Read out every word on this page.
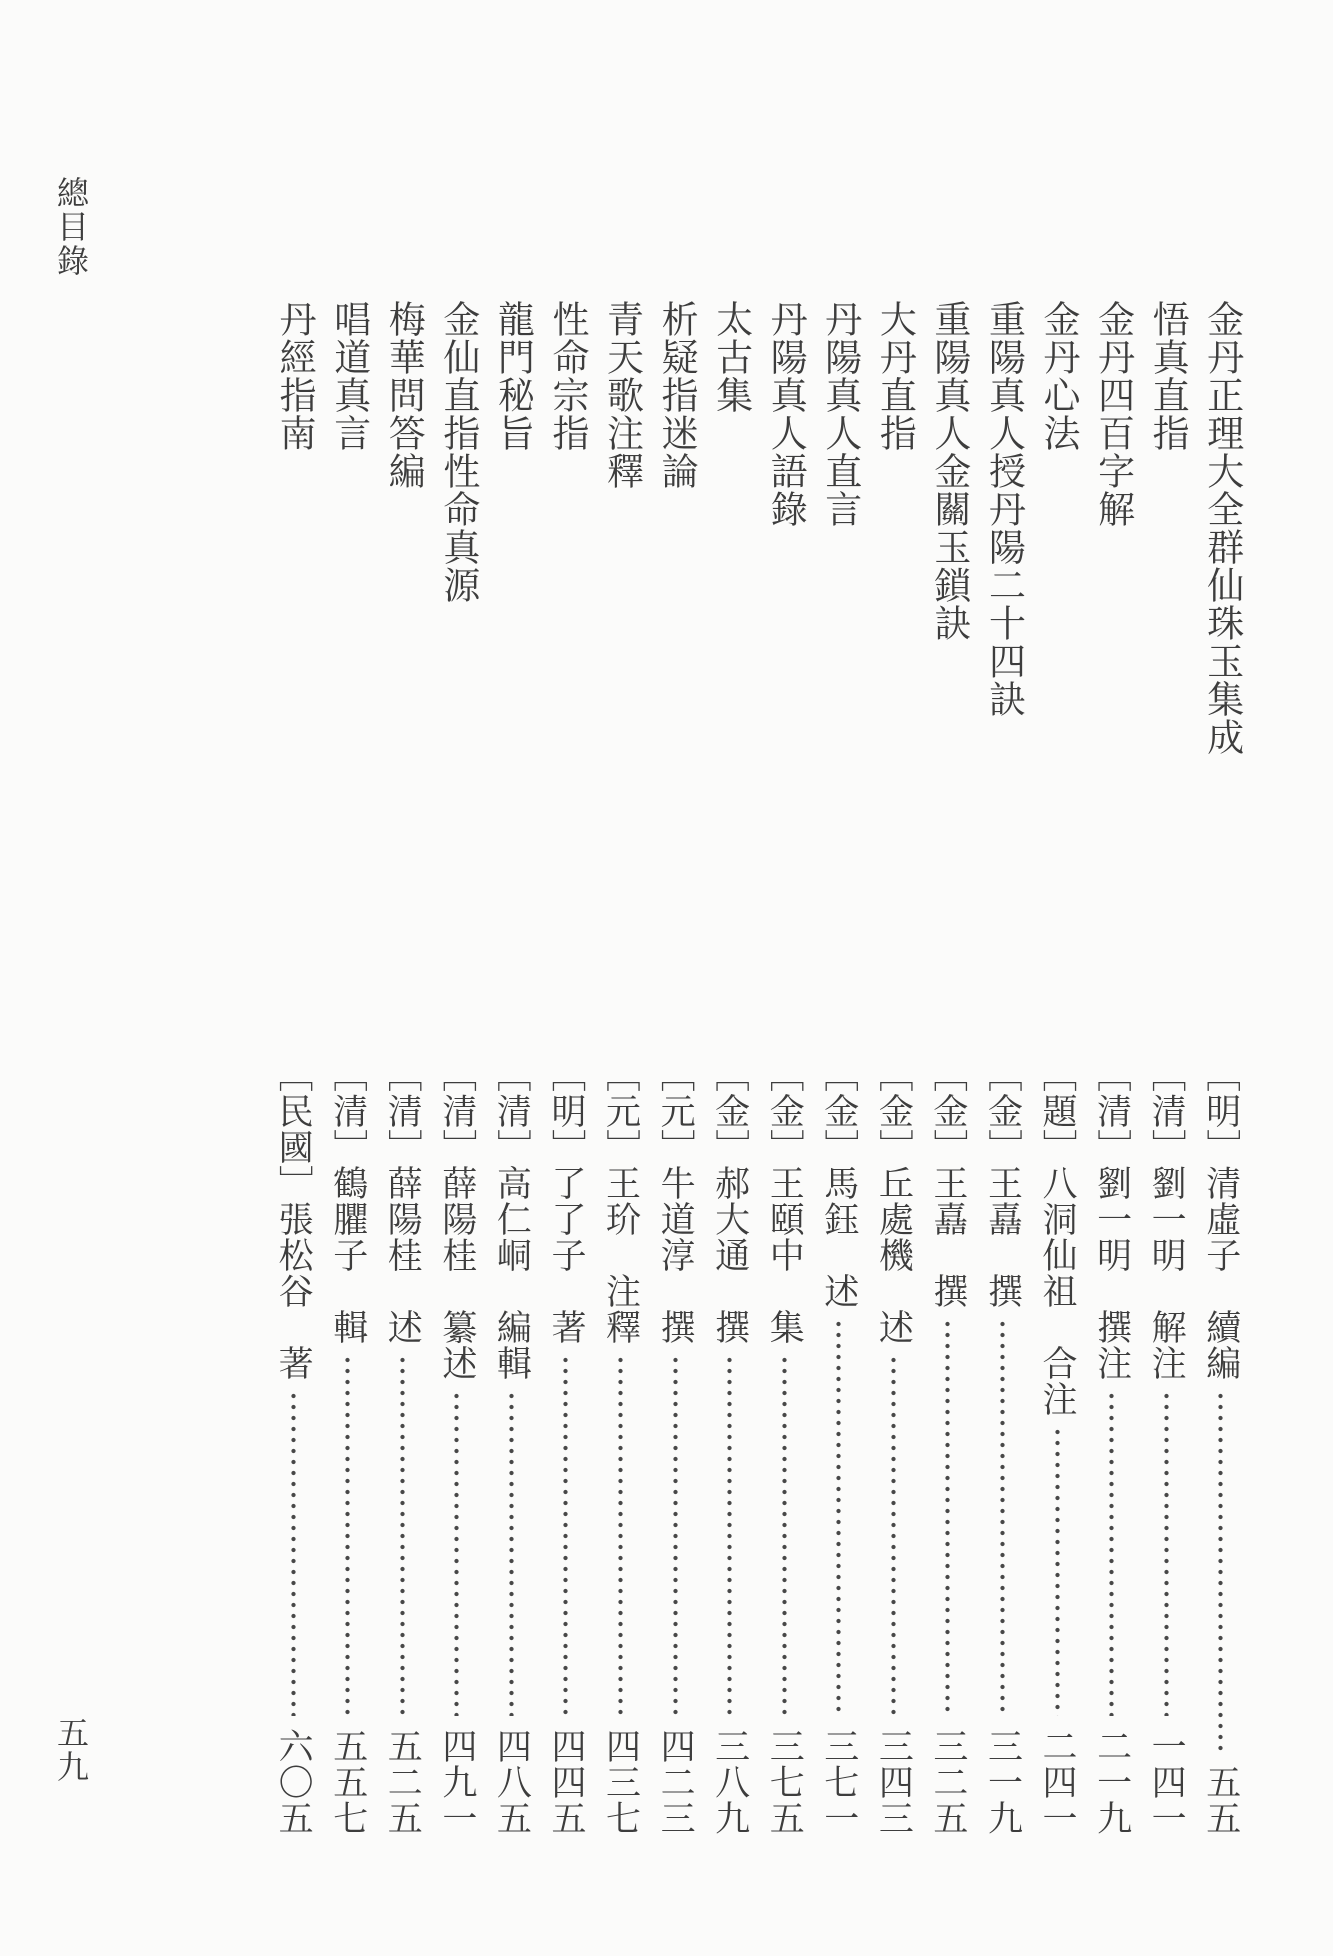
總目錄
金丹正理大全群仙珠玉集成
［明］清虛子　續編
五五
悟真直指
［清］劉一明　解注
一四一
金丹四百字解
［清］劉一明　撰注
二一九
金丹心法
［題］八洞仙祖　合注
二四一
重陽真人授丹陽二十四訣
［金］王嚞　撰
三一九
重陽真人金關玉鎖訣
［金］王嚞　撰
三二五
大丹直指
［金］丘處機　述
三四三
丹陽真人直言
［金］馬鈺　述
三七一
丹陽真人語錄
［金］王頤中　集
三七五
太古集
［金］郝大通　撰
三八九
析疑指迷論
［元］牛道淳　撰
四二三
青天歌注釋
［元］王玠　注釋
四三七
性命宗指
［明］了了子　著
四四五
龍門秘旨
［清］高仁峒　編輯
四八五
金仙直指性命真源
［清］薛陽桂　纂述
四九一
梅華問答編
［清］薛陽桂　述
五二五
唱道真言
［清］鶴臞子　輯
五五七
丹經指南
［民國］張松谷　著
六〇五
五九
